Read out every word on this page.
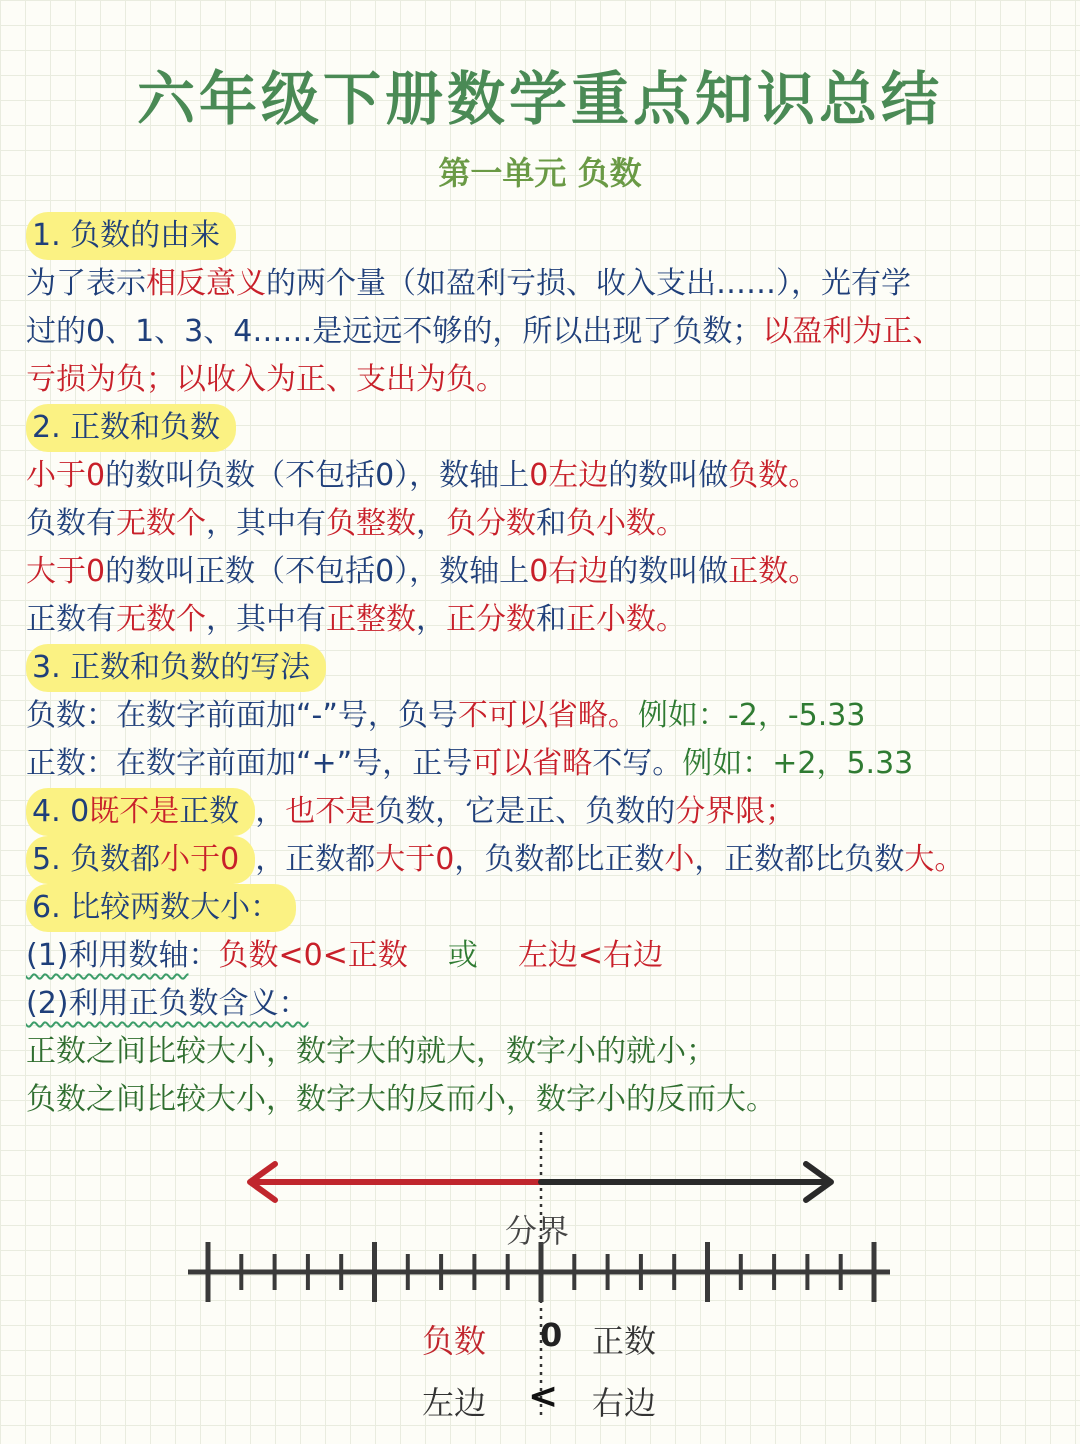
六年级下册数学重点知识总结
第一单元 负数
1. 负数的由来
为了表示相反意义的两个量（如盈利亏损、收入支出……），光有学
过的0、1、3、4……是远远不够的，所以出现了负数；以盈利为正、
亏损为负；以收入为正、支出为负。
2. 正数和负数
小于0的数叫负数（不包括0），数轴上0左边的数叫做负数。
负数有无数个，其中有负整数，负分数和负小数。
大于0的数叫正数（不包括0），数轴上0右边的数叫做正数。
正数有无数个，其中有正整数，正分数和正小数。
3. 正数和负数的写法
负数：在数字前面加“-”号，负号不可以省略。例如：-2，-5.33
正数：在数字前面加“+”号，正号可以省略不写。例如：+2，5.33
4. 0既不是正数 ，也不是负数，它是正、负数的分界限；
5. 负数都小于0 ，正数都大于0，负数都比正数小，正数都比负数大。
6. 比较两数大小：
(1)利用数轴：负数<0<正数 或 左边<右边
(2)利用正负数含义：
正数之间比较大小，数字大的就大，数字小的就小；
负数之间比较大小，数字大的反而小，数字小的反而大。
分界
负数 0 正数
左边 < 右边
